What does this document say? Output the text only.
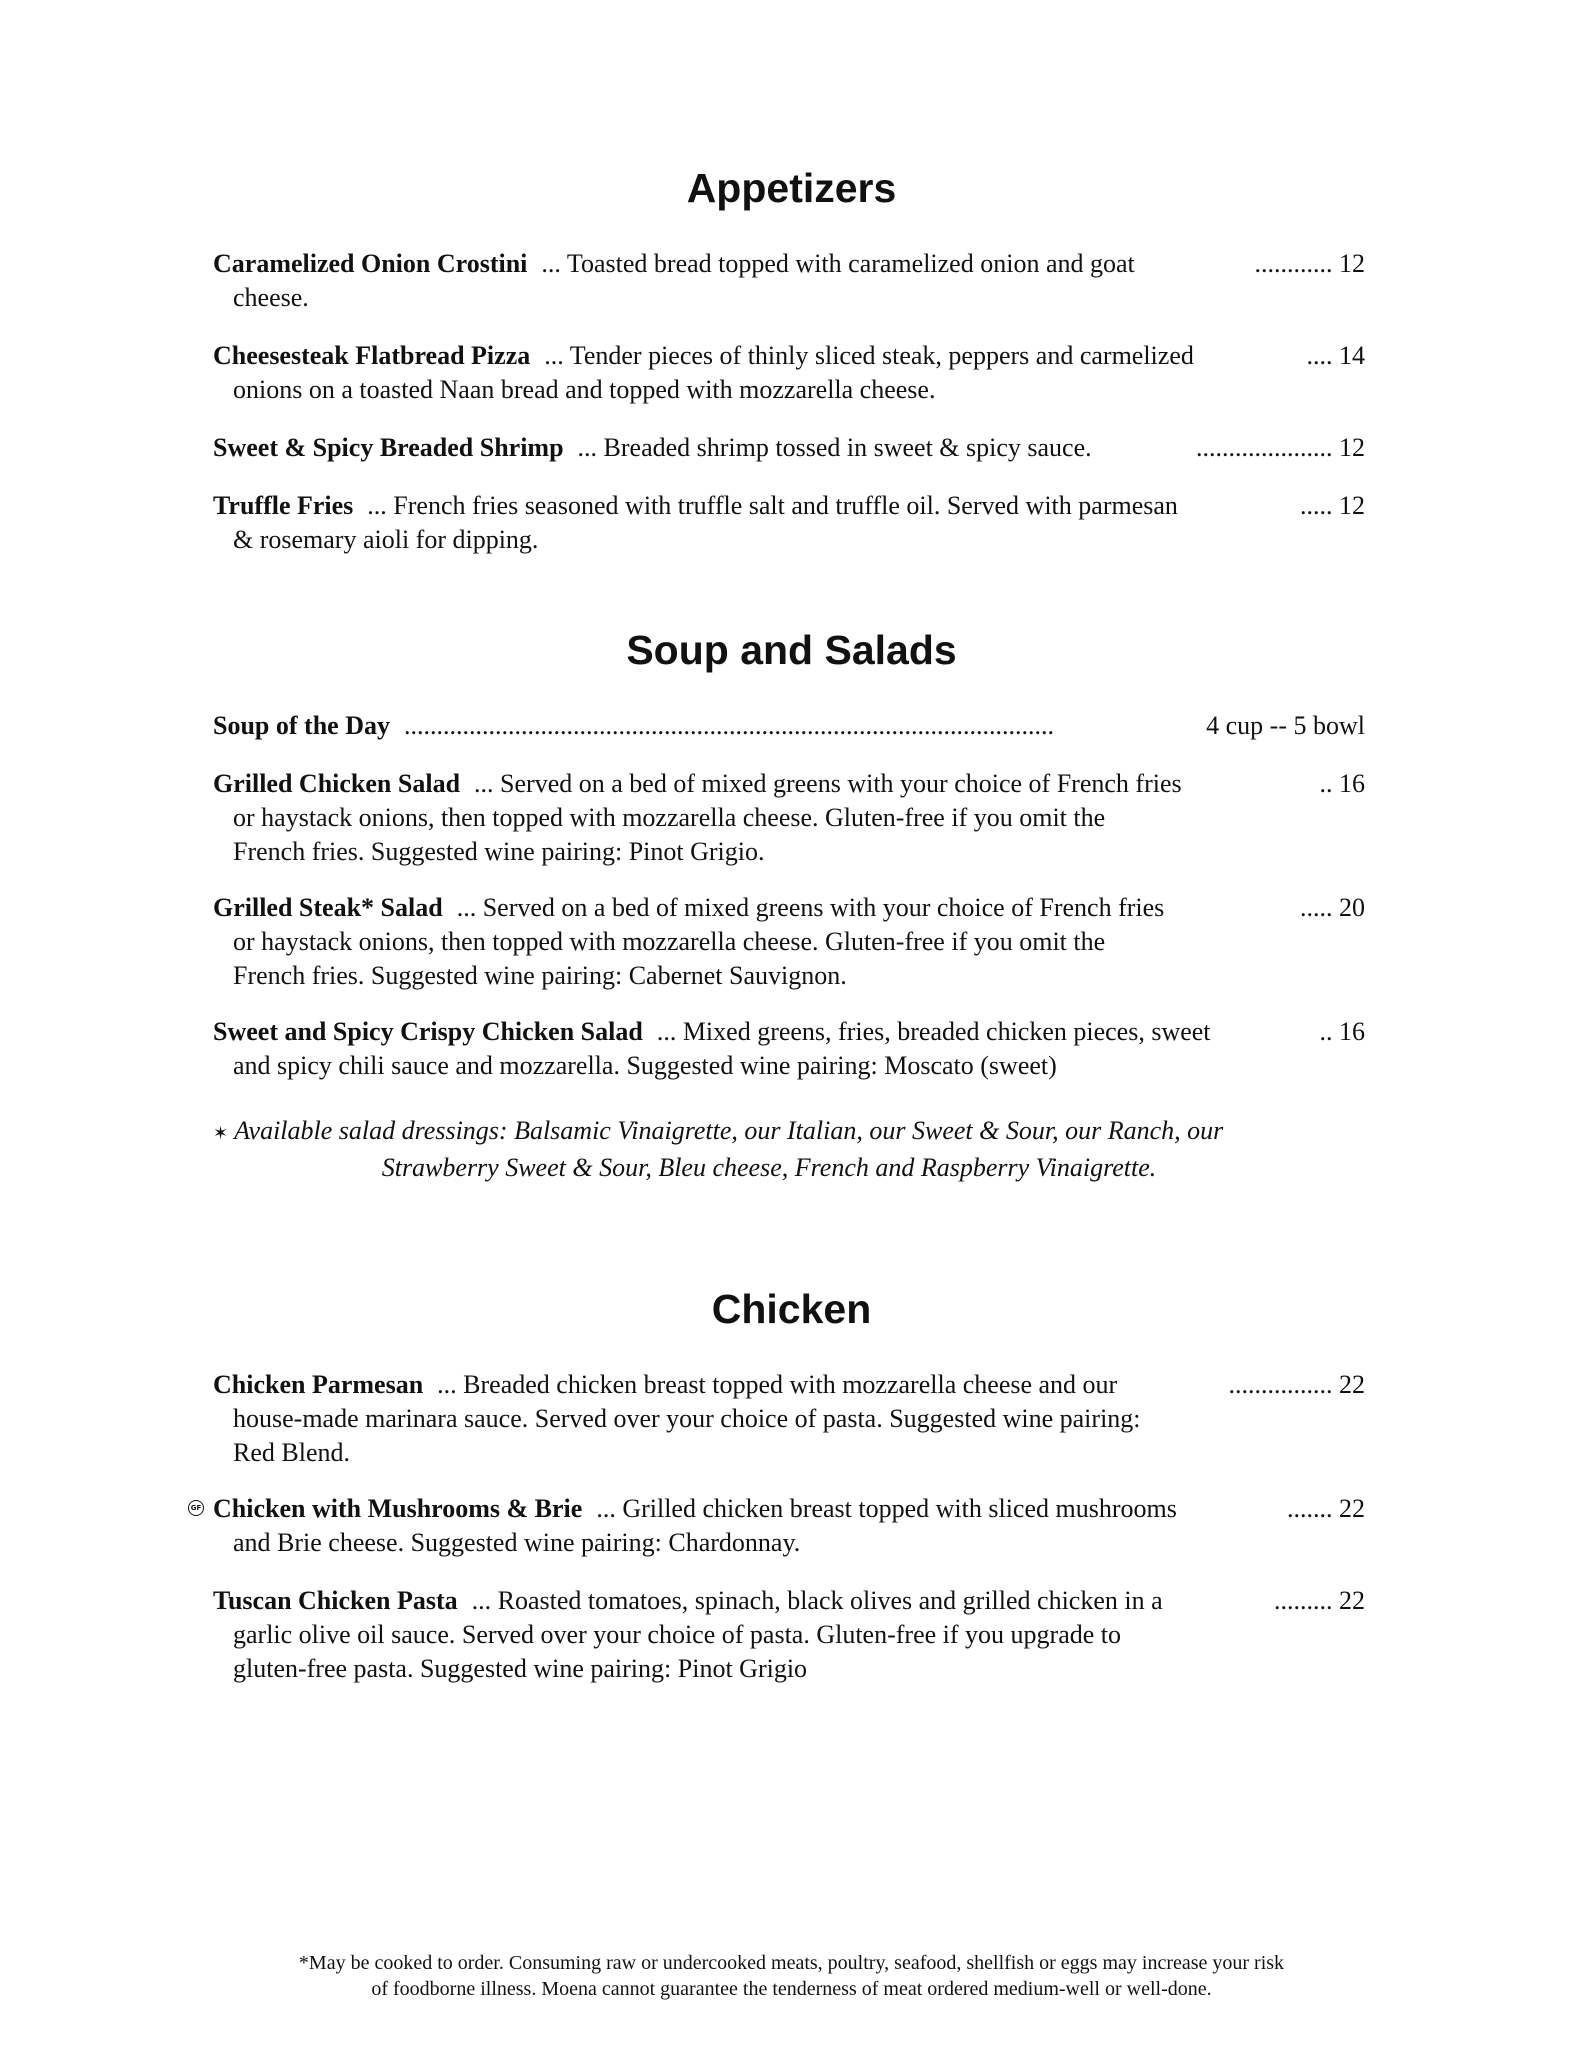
Appetizers
Caramelized Onion Crostini ... Toasted bread topped with caramelized onion and goat	............ 12
cheese.
Cheesesteak Flatbread Pizza ... Tender pieces of thinly sliced steak, peppers and carmelized	.... 14
onions on a toasted Naan bread and topped with mozzarella cheese.
Sweet & Spicy Breaded Shrimp ... Breaded shrimp tossed in sweet & spicy sauce.	..................... 12
Truffle Fries ... French fries seasoned with truffle salt and truffle oil. Served with parmesan	..... 12
& rosemary aioli for dipping.
Soup and Salads
Soup of the Day ....................................................................................................	4 cup -- 5 bowl
Grilled Chicken Salad ... Served on a bed of mixed greens with your choice of French fries	.. 16
or haystack onions, then topped with mozzarella cheese. Gluten-free if you omit the
French fries. Suggested wine pairing: Pinot Grigio.
Grilled Steak* Salad ... Served on a bed of mixed greens with your choice of French fries	..... 20
or haystack onions, then topped with mozzarella cheese. Gluten-free if you omit the
French fries. Suggested wine pairing: Cabernet Sauvignon.
Sweet and Spicy Crispy Chicken Salad ... Mixed greens, fries, breaded chicken pieces, sweet	.. 16
and spicy chili sauce and mozzarella. Suggested wine pairing: Moscato (sweet)
✶ Available salad dressings: Balsamic Vinaigrette, our Italian, our Sweet & Sour, our Ranch, our
Strawberry Sweet & Sour, Bleu cheese, French and Raspberry Vinaigrette.
Chicken
Chicken Parmesan ... Breaded chicken breast topped with mozzarella cheese and our	................ 22
house-made marinara sauce. Served over your choice of pasta. Suggested wine pairing:
Red Blend.
GF Chicken with Mushrooms & Brie ... Grilled chicken breast topped with sliced mushrooms	....... 22
and Brie cheese. Suggested wine pairing: Chardonnay.
Tuscan Chicken Pasta ... Roasted tomatoes, spinach, black olives and grilled chicken in a	......... 22
garlic olive oil sauce. Served over your choice of pasta. Gluten-free if you upgrade to
gluten-free pasta. Suggested wine pairing: Pinot Grigio
*May be cooked to order. Consuming raw or undercooked meats, poultry, seafood, shellfish or eggs may increase your risk
of foodborne illness. Moena cannot guarantee the tenderness of meat ordered medium-well or well-done.
